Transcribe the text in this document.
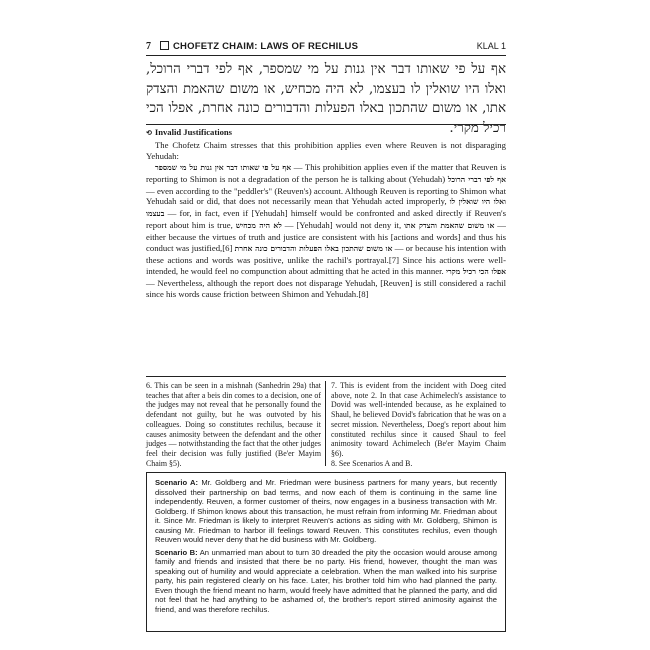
7	CHOFETZ CHAIM: LAWS OF RECHILUS	KLAL 1
אף על פי שאותו דבר אין גנות על מי שמספר, אף לפי דברי הרוכל, ואלו היו שואלין לו בעצמו, לא היה מכחיש, או משום שהאמת והצדק אתו, או משום שהתכון באלו הפעלות והדבורים כונה אחרת, אפלו הכי רכיל מקרי.
⟲ Invalid Justifications

The Chofetz Chaim stresses that this prohibition applies even where Reuven is not disparaging Yehudah:

אף על פי שאותו דבר אין גנות על מי שמספר — This prohibition applies even if the matter that Reuven is reporting to Shimon is not a degradation of the person he is talking about (Yehudah) אף לפי דברי הרוכל — even according to the "peddler's" (Reuven's) account. Although Reuven is reporting to Shimon what Yehudah said or did, that does not necessarily mean that Yehudah acted improperly, ואלו היו שואלין לו בעצמו — for, in fact, even if [Yehudah] himself would be confronted and asked directly if Reuven's report about him is true, לא היה מכחיש — [Yehudah] would not deny it, או משום שהאמת והצדק אתו — either because the virtues of truth and justice are consistent with his [actions and words] and thus his conduct was justified,[6] או משום שהתכון באלו הפעלות והדבורים כונה אחרת — or because his intention with these actions and words was positive, unlike the rachil's portrayal.[7] Since his actions were well-intended, he would feel no compunction about admitting that he acted in this manner. אפלו הכי רכיל מקרי — Nevertheless, although the report does not disparage Yehudah, [Reuven] is still considered a rachil since his words cause friction between Shimon and Yehudah.[8]

6. This can be seen in a mishnah (Sanhedrin 29a) that teaches that after a beis din comes to a decision, one of the judges may not reveal that he personally found the defendant not guilty, but he was outvoted by his colleagues. Doing so constitutes rechilus, because it causes animosity between the defendant and the other judges — notwithstanding the fact that the other judges feel their decision was fully justified (Be'er Mayim Chaim §5).

7. This is evident from the incident with Doeg cited above, note 2. In that case Achimelech's assistance to Dovid was well-intended because, as he explained to Shaul, he believed Dovid's fabrication that he was on a secret mission. Nevertheless, Doeg's report about him constituted rechilus since it caused Shaul to feel animosity toward Achimelech (Be'er Mayim Chaim §6).

8. See Scenarios A and B.

Scenario A: Mr. Goldberg and Mr. Friedman were business partners for many years, but recently dissolved their partnership on bad terms, and now each of them is continuing in the same line independently. Reuven, a former customer of theirs, now engages in a business transaction with Mr. Goldberg. If Shimon knows about this transaction, he must refrain from informing Mr. Friedman about it. Since Mr. Friedman is likely to interpret Reuven's actions as siding with Mr. Goldberg, Shimon is causing Mr. Friedman to harbor ill feelings toward Reuven. This constitutes rechilus, even though Reuven would never deny that he did business with Mr. Goldberg.

Scenario B: An unmarried man about to turn 30 dreaded the pity the occasion would arouse among family and friends and insisted that there be no party. His friend, however, thought the man was speaking out of humility and would appreciate a celebration. When the man walked into his surprise party, his pain registered clearly on his face. Later, his brother told him who had planned the party. Even though the friend meant no harm, would freely have admitted that he planned the party, and did not feel that he had anything to be ashamed of, the brother's report stirred animosity against the friend, and was therefore rechilus.
